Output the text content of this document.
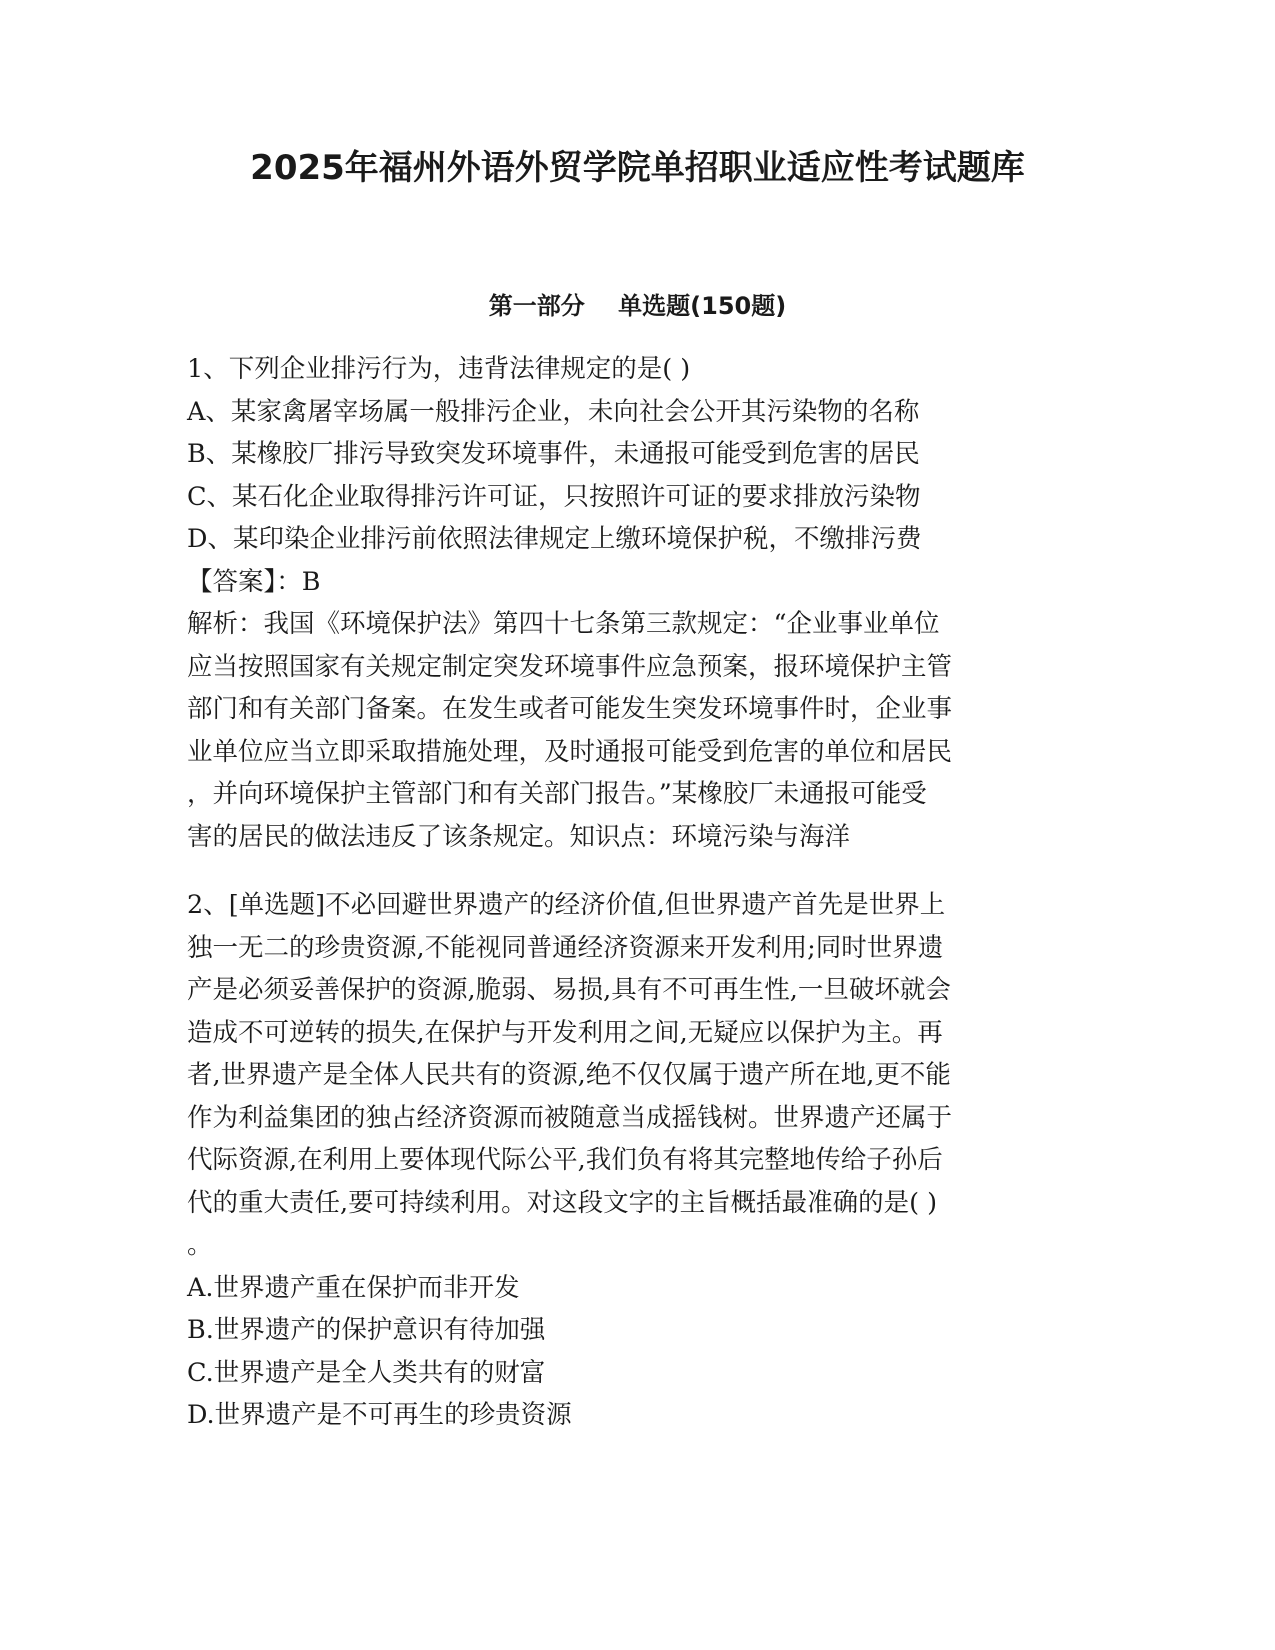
2025年福州外语外贸学院单招职业适应性考试题库
第一部分    单选题(150题)
1、下列企业排污行为，违背法律规定的是( )
A、某家禽屠宰场属一般排污企业，未向社会公开其污染物的名称
B、某橡胶厂排污导致突发环境事件，未通报可能受到危害的居民
C、某石化企业取得排污许可证，只按照许可证的要求排放污染物
D、某印染企业排污前依照法律规定上缴环境保护税，不缴排污费
【答案】：B
解析：我国《环境保护法》第四十七条第三款规定：“企业事业单位
应当按照国家有关规定制定突发环境事件应急预案，报环境保护主管
部门和有关部门备案。在发生或者可能发生突发环境事件时，企业事
业单位应当立即采取措施处理，及时通报可能受到危害的单位和居民
，并向环境保护主管部门和有关部门报告。”某橡胶厂未通报可能受
害的居民的做法违反了该条规定。知识点：环境污染与海洋
2、[单选题]不必回避世界遗产的经济价值,但世界遗产首先是世界上
独一无二的珍贵资源,不能视同普通经济资源来开发利用;同时世界遗
产是必须妥善保护的资源,脆弱、易损,具有不可再生性,一旦破坏就会
造成不可逆转的损失,在保护与开发利用之间,无疑应以保护为主。再
者,世界遗产是全体人民共有的资源,绝不仅仅属于遗产所在地,更不能
作为利益集团的独占经济资源而被随意当成摇钱树。世界遗产还属于
代际资源,在利用上要体现代际公平,我们负有将其完整地传给子孙后
代的重大责任,要可持续利用。对这段文字的主旨概括最准确的是( )
。
A.世界遗产重在保护而非开发
B.世界遗产的保护意识有待加强
C.世界遗产是全人类共有的财富
D.世界遗产是不可再生的珍贵资源
